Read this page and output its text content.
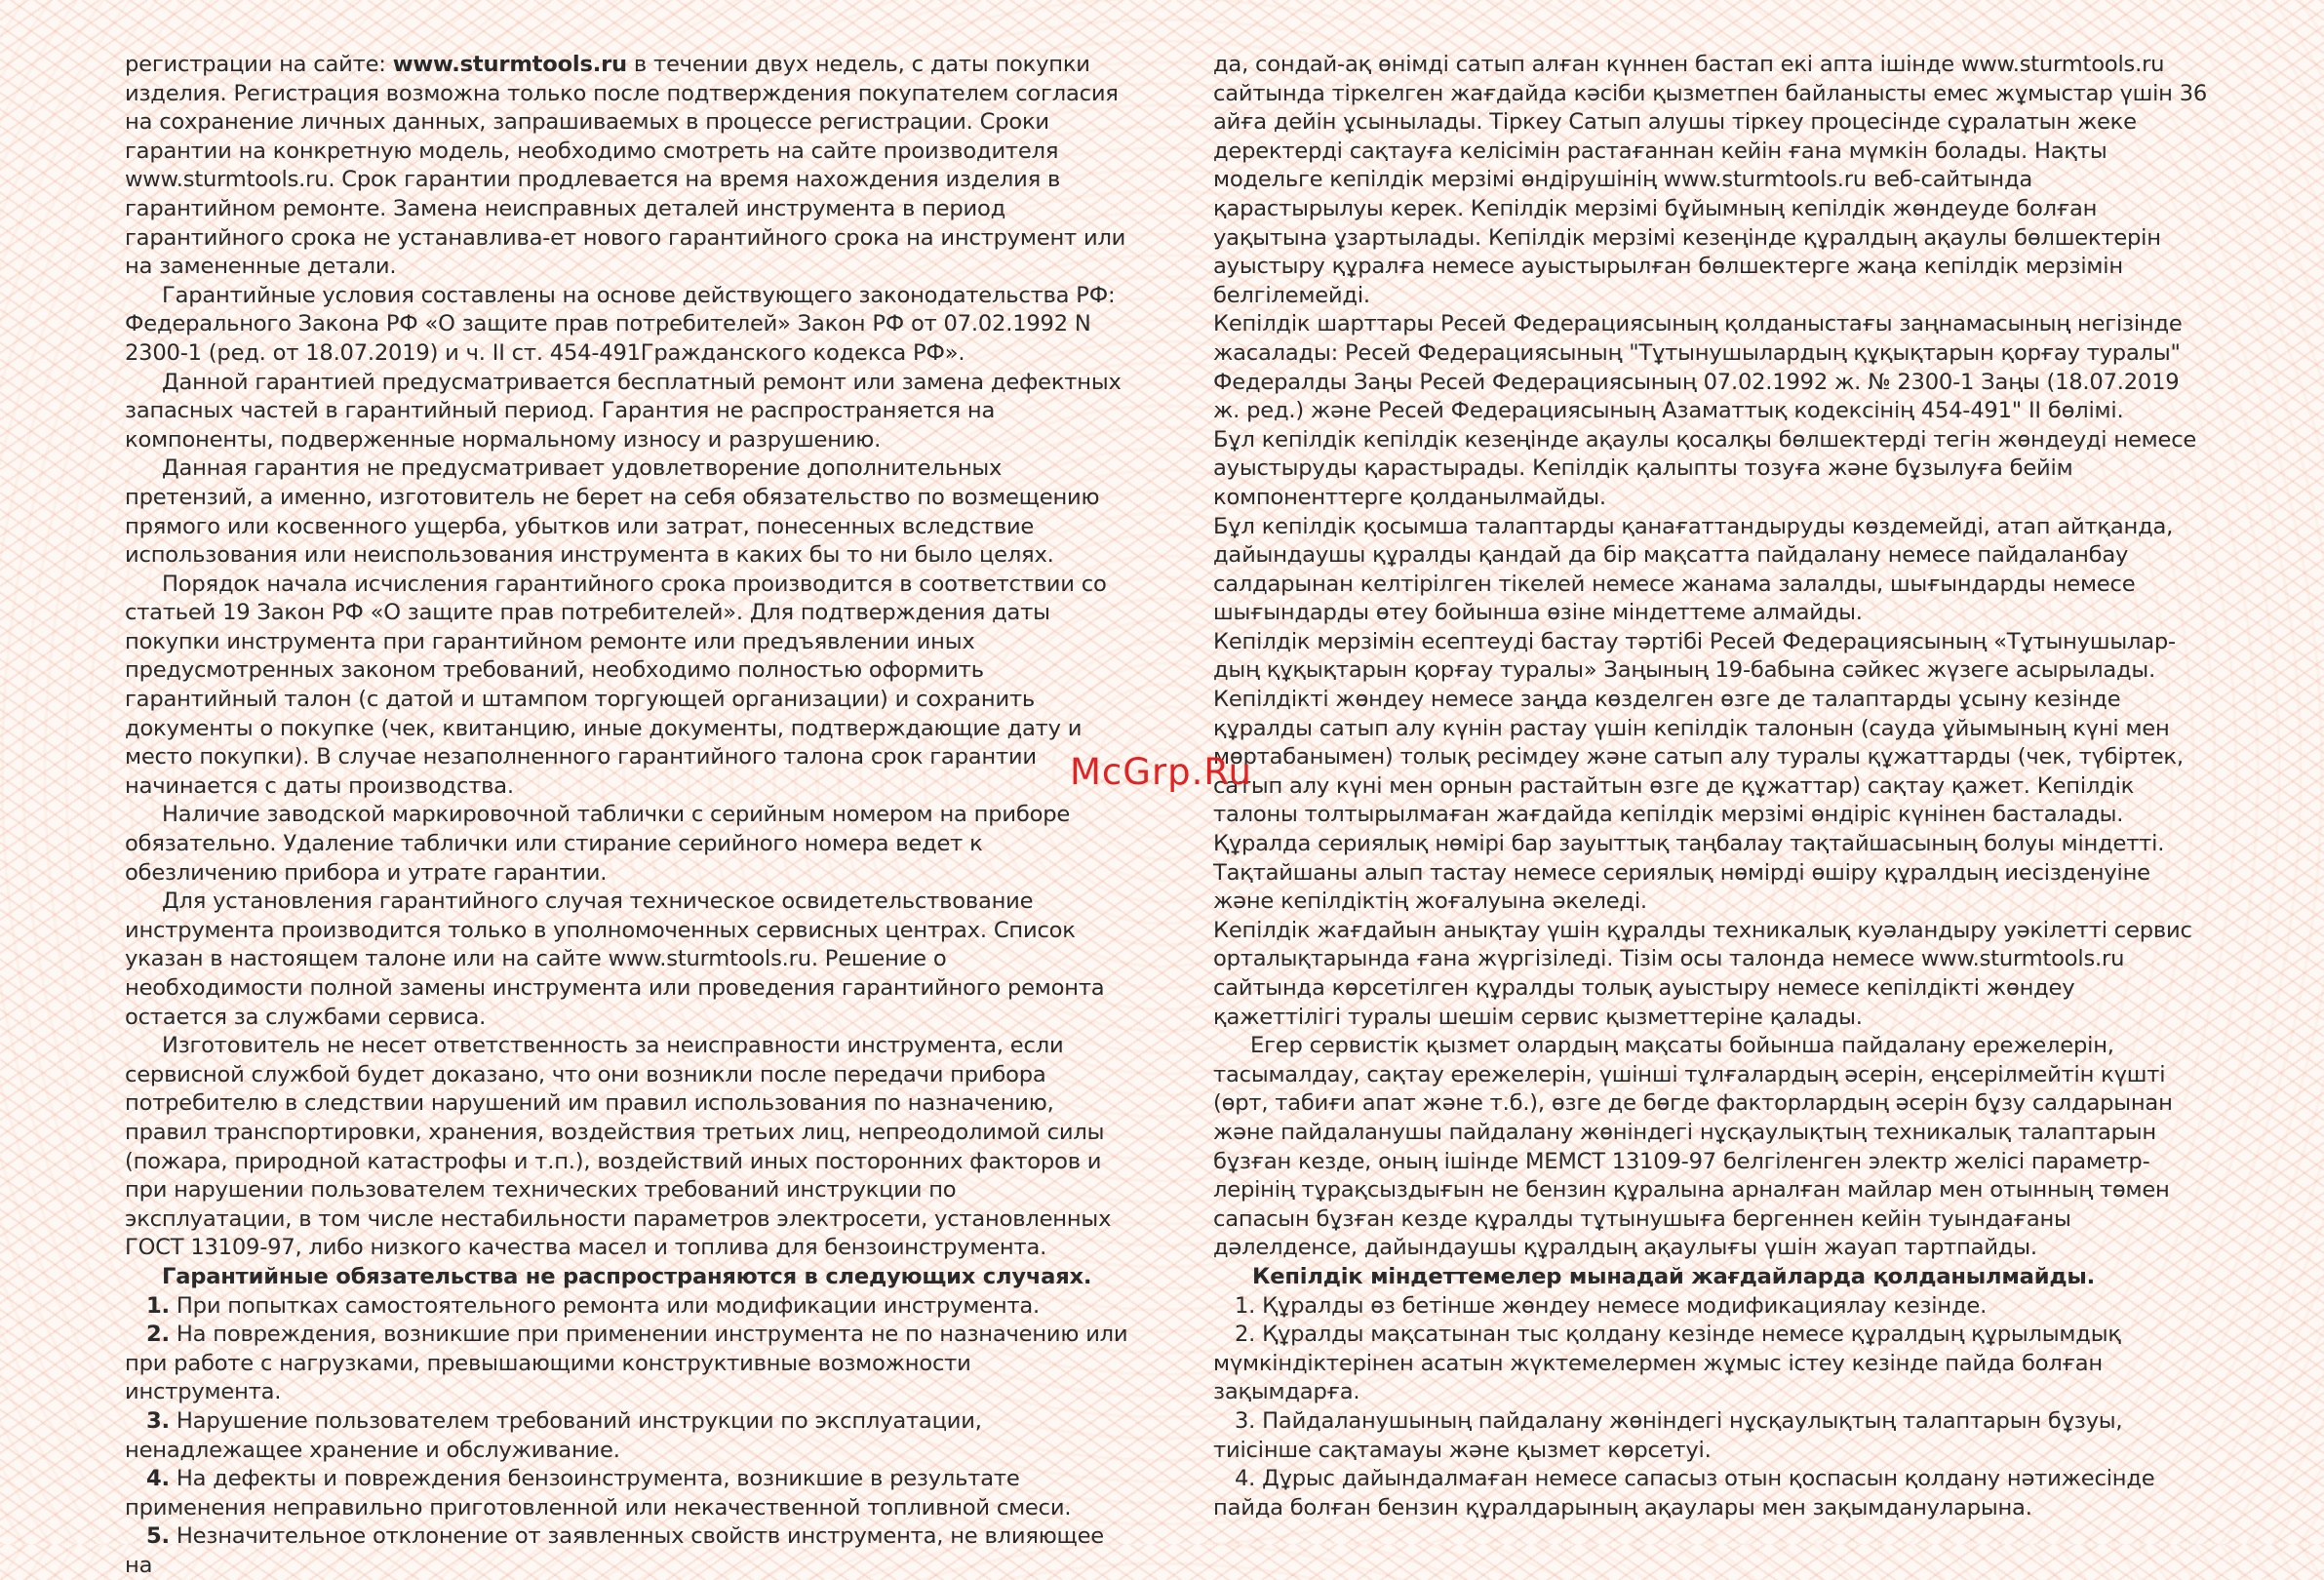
регистрации на сайте: www.sturmtools.ru в течении двух недель, с даты покупки изделия. Регистрация возможна только после подтверждения покупателем согласия на сохранение личных данных, запрашиваемых в процессе регистрации. Сроки гарантии на конкретную модель, необходимо смотреть на сайте производителя www.sturmtools.ru. Срок гарантии продлевается на время нахождения изделия в гарантийном ремонте. Замена неисправных деталей инструмента в период гарантийного срока не устанавлива-ет нового гарантийного срока на инструмент или на замененные детали.

Гарантийные условия составлены на основе действующего законодательства РФ: Федерального Закона РФ «О защите прав потребителей» Закон РФ от 07.02.1992 N 2300-1 (ред. от 18.07.2019) и ч. II ст. 454-491Гражданского кодекса РФ».

Данной гарантией предусматривается бесплатный ремонт или замена дефектных запасных частей в гарантийный период. Гарантия не распространяется на компоненты, подверженные нормальному износу и разрушению.

Данная гарантия не предусматривает удовлетворение дополнительных претензий, а именно, изготовитель не берет на себя обязательство по возмещению прямого или косвенного ущерба, убытков или затрат, понесенных вследствие использования или неиспользования инструмента в каких бы то ни было целях.

Порядок начала исчисления гарантийного срока производится в соответствии со статьей 19 Закон РФ «О защите прав потребителей». Для подтверждения даты покупки инструмента при гарантийном ремонте или предъявлении иных предусмотренных законом требований, необходимо полностью оформить гарантийный талон (с датой и штампом торгующей организации) и сохранить документы о покупке (чек, квитанцию, иные документы, подтверждающие дату и место покупки). В случае незаполненного гарантийного талона срок гарантии начинается с даты производства.

Наличие заводской маркировочной таблички с серийным номером на приборе обязательно. Удаление таблички или стирание серийного номера ведет к обезличению прибора и утрате гарантии.

Для установления гарантийного случая техническое освидетельствование инструмента производится только в уполномоченных сервисных центрах. Список указан в настоящем талоне или на сайте www.sturmtools.ru. Решение о необходимости полной замены инструмента или проведения гарантийного ремонта остается за службами сервиса.

Изготовитель не несет ответственность за неисправности инструмента, если сервисной службой будет доказано, что они возникли после передачи прибора потребителю в следствии нарушений им правил использования по назначению, правил транспортировки, хранения, воздействия третьих лиц, непреодолимой силы (пожара, природной катастрофы и т.п.), воздействий иных посторонних факторов и при нарушении пользователем технических требований инструкции по эксплуатации, в том числе нестабильности параметров электросети, установленных ГОСТ 13109-97, либо низкого качества масел и топлива для бензоинструмента.

Гарантийные обязательства не распространяются в следующих случаях.

1. При попытках самостоятельного ремонта или модификации инструмента.

2. На повреждения, возникшие при применении инструмента не по назначению или при работе с нагрузками, превышающими конструктивные возможности инструмента.

3. Нарушение пользователем требований инструкции по эксплуатации, ненадлежащее хранение и обслуживание.

4. На дефекты и повреждения бензоинструмента, возникшие в результате применения неправильно приготовленной или некачественной топливной смеси.

5. Незначительное отклонение от заявленных свойств инструмента, не влияющее на

да, сондай-ақ өнімді сатып алған күннен бастап екі апта ішінде www.sturmtools.ru сайтында тіркелген жағдайда кәсіби қызметпен байланысты емес жұмыстар үшін 36 айға дейін ұсынылады. Тіркеу Сатып алушы тіркеу процесінде сұралатын жеке деректерді сақтауға келісімін растағаннан кейін ғана мүмкін болады. Нақты модельге кепілдік мерзімі өндірушінің www.sturmtools.ru веб-сайтында қарастырылуы керек. Кепілдік мерзімі бұйымның кепілдік жөндеуде болған уақытына ұзартылады. Кепілдік мерзімі кезеңінде құралдың ақаулы бөлшектерін ауыстыру құралға немесе ауыстырылған бөлшектерге жаңа кепілдік мерзімін белгілемейді.

Кепілдік шарттары Ресей Федерациясының қолданыстағы заңнамасының негізінде жасалады: Ресей Федерациясының "Тұтынушылардың құқықтарын қорғау туралы" Федералды Заңы Ресей Федерациясының 07.02.1992 ж. № 2300-1 Заңы (18.07.2019 ж. ред.) және Ресей Федерациясының Азаматтық кодексінің 454-491" II бөлімі.

Бұл кепілдік кепілдік кезеңінде ақаулы қосалқы бөлшектерді тегін жөндеуді немесе ауыстыруды қарастырады. Кепілдік қалыпты тозуға және бұзылуға бейім компоненттерге қолданылмайды.

Бұл кепілдік қосымша талаптарды қанағаттандыруды көздемейді, атап айтқанда, дайындаушы құралды қандай да бір мақсатта пайдалану немесе пайдаланбау салдарынан келтірілген тікелей немесе жанама залалды, шығындарды немесе шығындарды өтеу бойынша өзіне міндеттеме алмайды.

Кепілдік мерзімін есептеуді бастау тәртібі Ресей Федерациясының «Тұтынушылар-дың құқықтарын қорғау туралы» Заңының 19-бабына сәйкес жүзеге асырылады. Кепілдікті жөндеу немесе заңда көзделген өзге де талаптарды ұсыну кезінде құралды сатып алу күнін растау үшін кепілдік талонын (сауда ұйымының күні мен мөртабанымен) толық ресімдеу және сатып алу туралы құжаттарды (чек, түбіртек, сатып алу күні мен орнын растайтын өзге де құжаттар) сақтау қажет. Кепілдік талоны толтырылмаған жағдайда кепілдік мерзімі өндіріс күнінен басталады.

Құралда сериялық нөмірі бар зауыттық таңбалау тақтайшасының болуы міндетті. Тақтайшаны алып тастау немесе сериялық нөмірді өшіру құралдың иесізденуіне және кепілдіктің жоғалуына әкеледі.

Кепілдік жағдайын анықтау үшін құралды техникалық куәландыру уәкілетті сервис орталықтарында ғана жүргізіледі. Тізім осы талонда немесе www.sturmtools.ru сайтында көрсетілген құралды толық ауыстыру немесе кепілдікті жөндеу қажеттілігі туралы шешім сервис қызметтеріне қалады.

Егер сервистік қызмет олардың мақсаты бойынша пайдалану ережелерін, тасымалдау, сақтау ережелерін, үшінші тұлғалардың әсерін, еңсерілмейтін күшті (өрт, табиғи апат және т.б.), өзге де бөгде факторлардың әсерін бұзу салдарынан және пайдаланушы пайдалану жөніндегі нұсқаулықтың техникалық талаптарын бұзған кезде, оның ішінде МЕМСТ 13109-97 белгіленген электр желісі параметр-лерінің тұрақсыздығын не бензин құралына арналған майлар мен отынның төмен сапасын бұзған кезде құралды тұтынушыға бергеннен кейін туындағаны дәлелденсе, дайындаушы құралдың ақаулығы үшін жауап тартпайды.

Кепілдік міндеттемелер мынадай жағдайларда қолданылмайды.

1. Құралды өз бетінше жөндеу немесе модификациялау кезінде.

2. Құралды мақсатынан тыс қолдану кезінде немесе құралдың құрылымдық мүмкіндіктерінен асатын жүктемелермен жұмыс істеу кезінде пайда болған зақымдарға.

3. Пайдаланушының пайдалану жөніндегі нұсқаулықтың талаптарын бұзуы, тиісінше сақтамауы және қызмет көрсетуі.

4. Дұрыс дайындалмаған немесе сапасыз отын қоспасын қолдану нәтижесінде пайда болған бензин құралдарының ақаулары мен зақымдануларына.

McGrp.Ru
